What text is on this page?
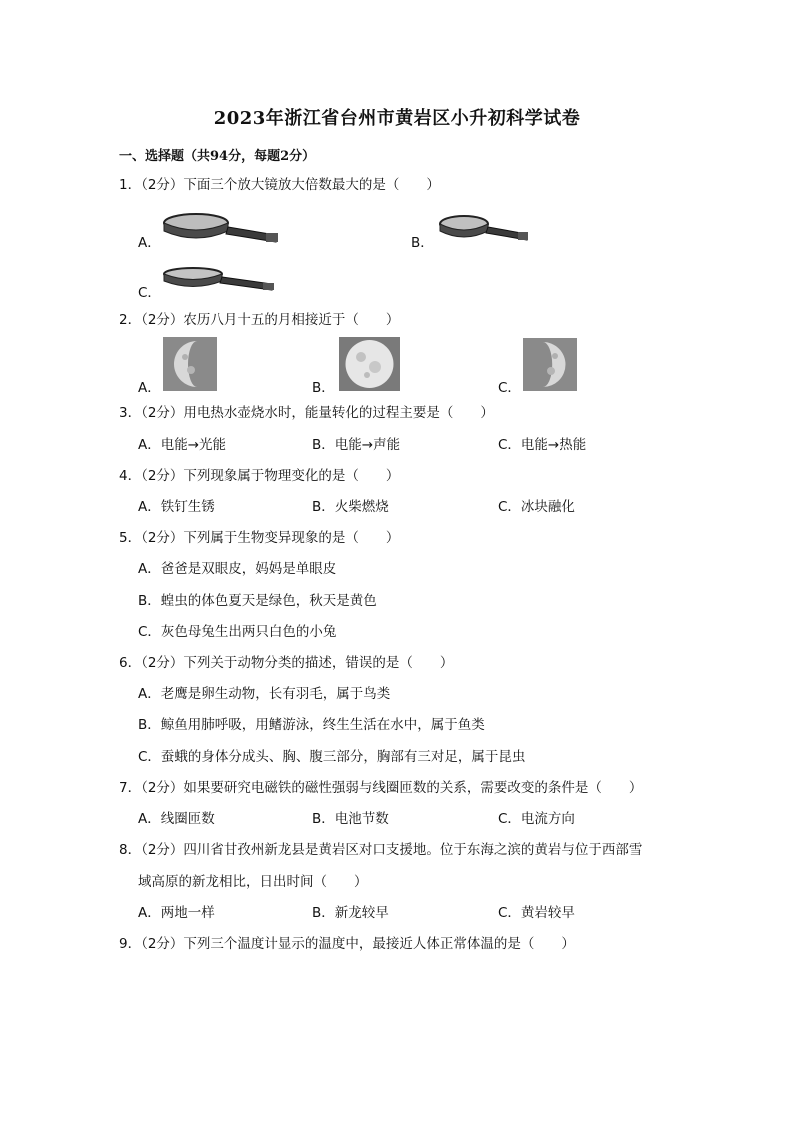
2023年浙江省台州市黄岩区小升初科学试卷
一、选择题（共94分，每题2分）
1．（2分）下面三个放大镜放大倍数最大的是（　　）
A．	B．
C．
2．（2分）农历八月十五的月相接近于（　　）
A．	B．	C．
3．（2分）用电热水壶烧水时，能量转化的过程主要是（　　）
A．电能→光能	B．电能→声能	C．电能→热能
4．（2分）下列现象属于物理变化的是（　　）
A．铁钉生锈	B．火柴燃烧	C．冰块融化
5．（2分）下列属于生物变异现象的是（　　）
A．爸爸是双眼皮，妈妈是单眼皮
B．蝗虫的体色夏天是绿色，秋天是黄色
C．灰色母兔生出两只白色的小兔
6．（2分）下列关于动物分类的描述，错误的是（　　）
A．老鹰是卵生动物，长有羽毛，属于鸟类
B．鲸鱼用肺呼吸，用鳍游泳，终生生活在水中，属于鱼类
C．蚕蛾的身体分成头、胸、腹三部分，胸部有三对足，属于昆虫
7．（2分）如果要研究电磁铁的磁性强弱与线圈匝数的关系，需要改变的条件是（　　）
A．线圈匝数	B．电池节数	C．电流方向
8．（2分）四川省甘孜州新龙县是黄岩区对口支援地。位于东海之滨的黄岩与位于西部雪
域高原的新龙相比，日出时间（　　）
A．两地一样	B．新龙较早	C．黄岩较早
9．（2分）下列三个温度计显示的温度中，最接近人体正常体温的是（　　）
